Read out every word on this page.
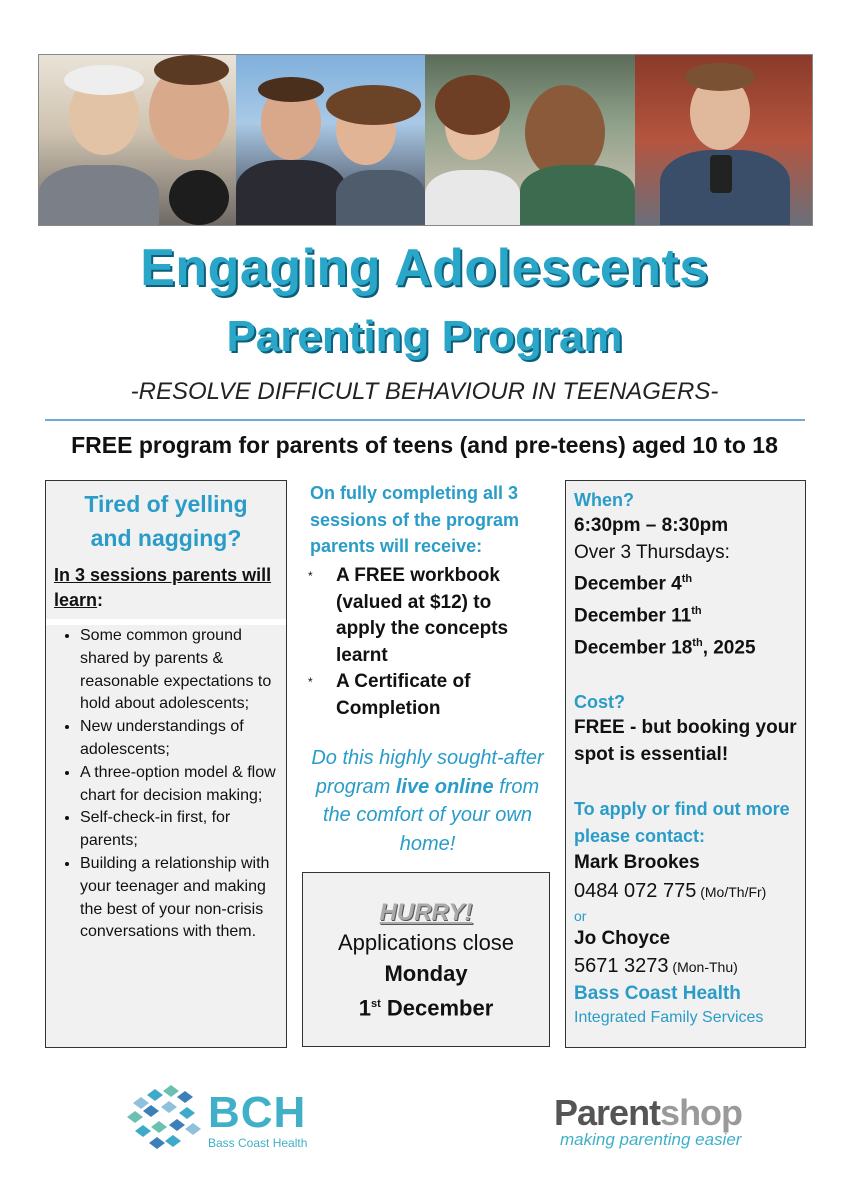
Engaging Adolescents
Parenting Program
-RESOLVE DIFFICULT BEHAVIOUR IN TEENAGERS-
FREE program for parents of teens (and pre-teens) aged 10 to 18
Tired of yelling
and nagging?
In 3 sessions parents will learn:
• Some common ground shared by parents & reasonable expectations to hold about adolescents;
• New understandings of adolescents;
• A three-option model & flow chart for decision making;
• Self-check-in first, for parents;
• Building a relationship with your teenager and making the best of your non-crisis conversations with them.
On fully completing all 3 sessions of the program parents will receive:
* A FREE workbook (valued at $12) to apply the concepts learnt
* A Certificate of Completion
Do this highly sought-after program live online from the comfort of your own home!
HURRY!
Applications close
Monday
1st December
When?
6:30pm – 8:30pm
Over 3 Thursdays:
December 4th
December 11th
December 18th, 2025
Cost?
FREE - but booking your spot is essential!
To apply or find out more please contact:
Mark Brookes
0484 072 775 (Mo/Th/Fr)
or
Jo Choyce
5671 3273 (Mon-Thu)
Bass Coast Health
Integrated Family Services
BCH
Bass Coast Health
Parentshop
making parenting easier
